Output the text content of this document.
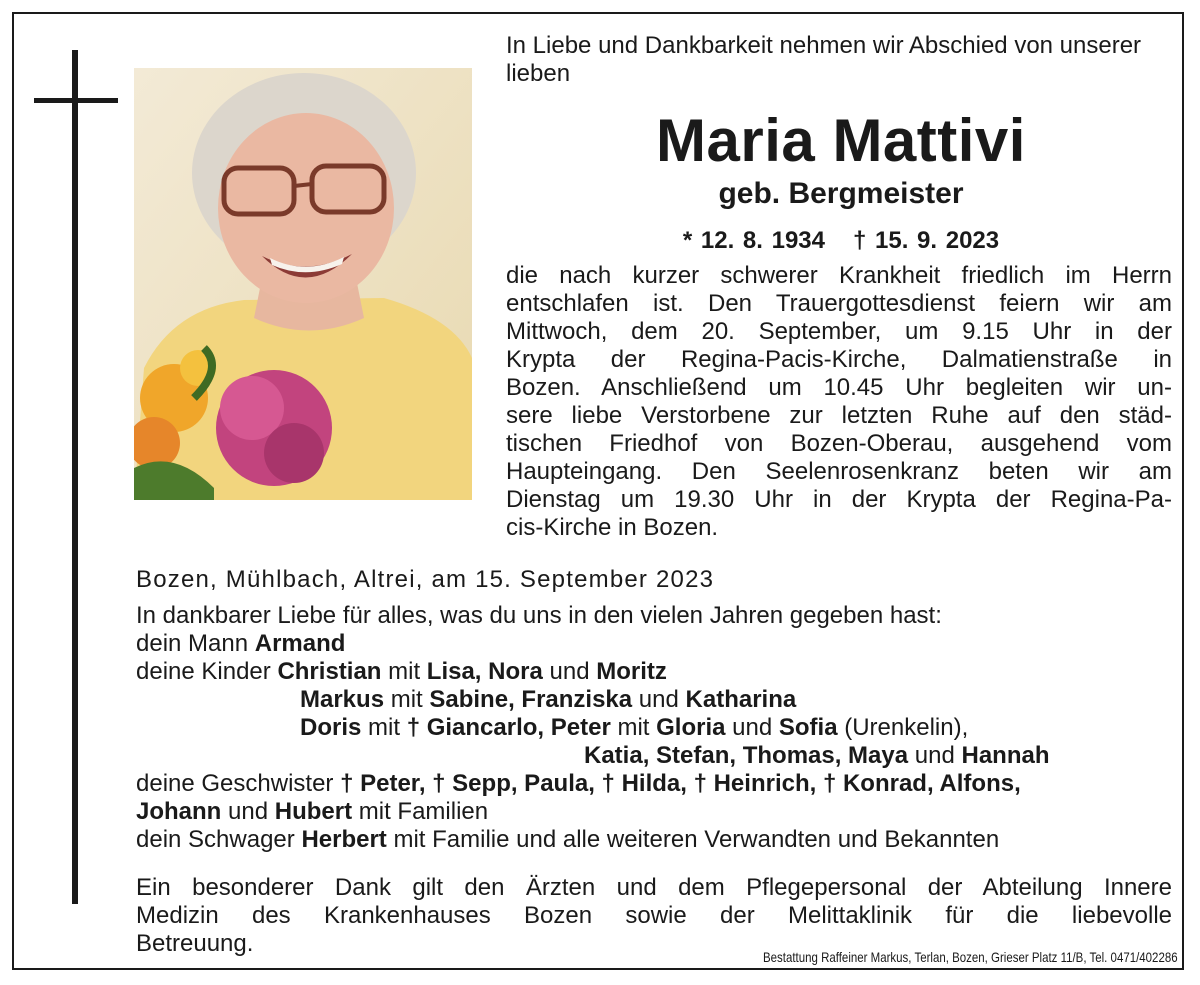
In Liebe und Dankbarkeit nehmen wir Abschied von unserer lieben
Maria Mattivi
geb. Bergmeister
* 12. 8. 1934 † 15. 9. 2023
die nach kurzer schwerer Krankheit friedlich im Herrn
entschlafen ist. Den Trauergottesdienst feiern wir am
Mittwoch, dem 20. September, um 9.15 Uhr in der
Krypta der Regina-Pacis-Kirche, Dalmatienstraße in
Bozen. Anschließend um 10.45 Uhr begleiten wir un-
sere liebe Verstorbene zur letzten Ruhe auf den städ-
tischen Friedhof von Bozen-Oberau, ausgehend vom
Haupteingang. Den Seelenrosenkranz beten wir am
Dienstag um 19.30 Uhr in der Krypta der Regina-Pa-
cis-Kirche in Bozen.
Bozen, Mühlbach, Altrei, am 15. September 2023
In dankbarer Liebe für alles, was du uns in den vielen Jahren gegeben hast:
dein Mann Armand
deine Kinder Christian mit Lisa, Nora und Moritz
Markus mit Sabine, Franziska und Katharina
Doris mit † Giancarlo, Peter mit Gloria und Sofia (Urenkelin),
Katia, Stefan, Thomas, Maya und Hannah
deine Geschwister † Peter, † Sepp, Paula, † Hilda, † Heinrich, † Konrad, Alfons,
Johann und Hubert mit Familien
dein Schwager Herbert mit Familie und alle weiteren Verwandten und Bekannten
Ein besonderer Dank gilt den Ärzten und dem Pflegepersonal der Abteilung Innere
Medizin des Krankenhauses Bozen sowie der Melittaklinik für die liebevolle
Betreuung.	Bestattung Raffeiner Markus, Terlan, Bozen, Grieser Platz 11/B, Tel. 0471/402286
